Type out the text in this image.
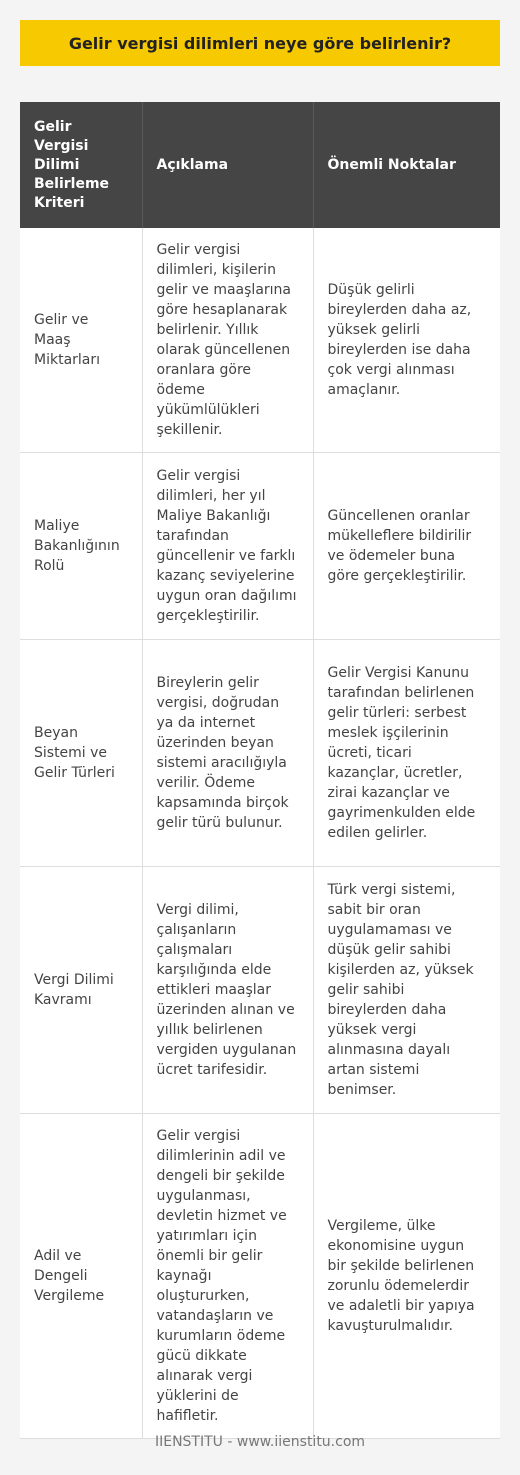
Gelir vergisi dilimleri neye göre belirlenir?
Gelir Vergisi Dilimi Belirleme Kriteri	Açıklama	Önemli Noktalar
Gelir ve Maaş Miktarları	Gelir vergisi dilimleri, kişilerin gelir ve maaşlarına göre hesaplanarak belirlenir. Yıllık olarak güncellenen oranlara göre ödeme yükümlülükleri şekillenir.	Düşük gelirli bireylerden daha az, yüksek gelirli bireylerden ise daha çok vergi alınması amaçlanır.
Maliye Bakanlığının Rolü	Gelir vergisi dilimleri, her yıl Maliye Bakanlığı tarafından güncellenir ve farklı kazanç seviyelerine uygun oran dağılımı gerçekleştirilir.	Güncellenen oranlar mükelleflere bildirilir ve ödemeler buna göre gerçekleştirilir.
Beyan Sistemi ve Gelir Türleri	Bireylerin gelir vergisi, doğrudan ya da internet üzerinden beyan sistemi aracılığıyla verilir. Ödeme kapsamında birçok gelir türü bulunur.	Gelir Vergisi Kanunu tarafından belirlenen gelir türleri: serbest meslek işçilerinin ücreti, ticari kazançlar, ücretler, zirai kazançlar ve gayrimenkulden elde edilen gelirler.
Vergi Dilimi Kavramı	Vergi dilimi, çalışanların çalışmaları karşılığında elde ettikleri maaşlar üzerinden alınan ve yıllık belirlenen vergiden uygulanan ücret tarifesidir.	Türk vergi sistemi, sabit bir oran uygulamaması ve düşük gelir sahibi kişilerden az, yüksek gelir sahibi bireylerden daha yüksek vergi alınmasına dayalı artan sistemi benimser.
Adil ve Dengeli Vergileme	Gelir vergisi dilimlerinin adil ve dengeli bir şekilde uygulanması, devletin hizmet ve yatırımları için önemli bir gelir kaynağı oluştururken, vatandaşların ve kurumların ödeme gücü dikkate alınarak vergi yüklerini de hafifletir.	Vergileme, ülke ekonomisine uygun bir şekilde belirlenen zorunlu ödemelerdir ve adaletli bir yapıya kavuşturulmalıdır.
IIENSTITU - www.iienstitu.com
